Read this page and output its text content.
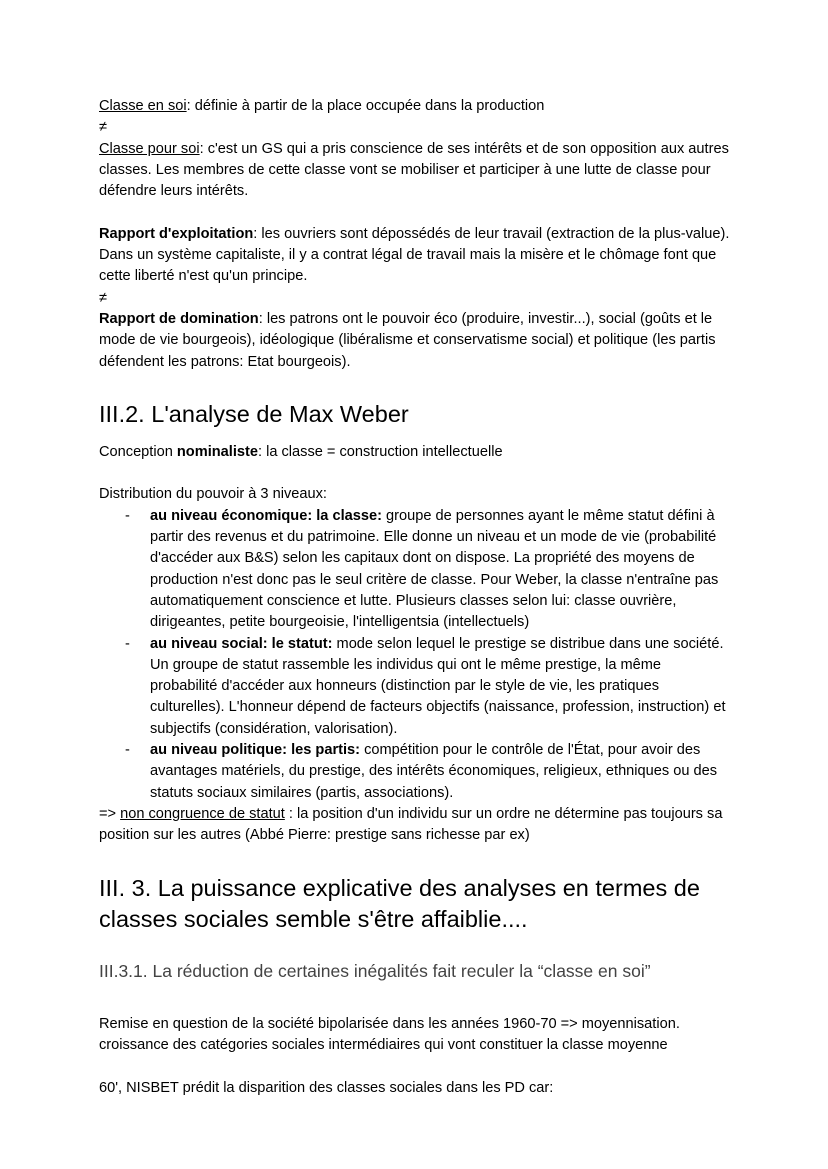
Classe en soi: définie à partir de la place occupée dans la production

≠

Classe pour soi: c'est un GS qui a pris conscience de ses intérêts et de son opposition aux autres classes. Les membres de cette classe vont se mobiliser et participer à une lutte de classe pour défendre leurs intérêts.

Rapport d'exploitation: les ouvriers sont dépossédés de leur travail (extraction de la plus-value). Dans un système capitaliste, il y a contrat légal de travail mais la misère et le chômage font que cette liberté n'est qu'un principe.

≠

Rapport de domination: les patrons ont le pouvoir éco (produire, investir...), social (goûts et le mode de vie bourgeois), idéologique (libéralisme et conservatisme social) et politique (les partis défendent les patrons: Etat bourgeois).

III.2. L'analyse de Max Weber

Conception nominaliste: la classe = construction intellectuelle

Distribution du pouvoir à 3 niveaux:

-	au niveau économique: la classe: groupe de personnes ayant le même statut défini à partir des revenus et du patrimoine. Elle donne un niveau et un mode de vie (probabilité d'accéder aux B&S) selon les capitaux dont on dispose. La propriété des moyens de production n'est donc pas le seul critère de classe. Pour Weber, la classe n'entraîne pas automatiquement conscience et lutte. Plusieurs classes selon lui: classe ouvrière, dirigeantes, petite bourgeoisie, l'intelligentsia (intellectuels)
-	au niveau social: le statut: mode selon lequel le prestige se distribue dans une société. Un groupe de statut rassemble les individus qui ont le même prestige, la même probabilité d'accéder aux honneurs (distinction par le style de vie, les pratiques culturelles). L'honneur dépend de facteurs objectifs (naissance, profession, instruction) et subjectifs (considération, valorisation).
-	au niveau politique: les partis: compétition pour le contrôle de l'État, pour avoir des avantages matériels, du prestige, des intérêts économiques, religieux, ethniques ou des statuts sociaux similaires (partis, associations).

=> non congruence de statut : la position d'un individu sur un ordre ne détermine pas toujours sa position sur les autres (Abbé Pierre: prestige sans richesse par ex)

III. 3. La puissance explicative des analyses en termes de classes sociales semble s'être affaiblie....
III.3.1. La réduction de certaines inégalités fait reculer la “classe en soi”

Remise en question de la société bipolarisée dans les années 1960-70 => moyennisation. croissance des catégories sociales intermédiaires qui vont constituer la classe moyenne

60', NISBET prédit la disparition des classes sociales dans les PD car:
